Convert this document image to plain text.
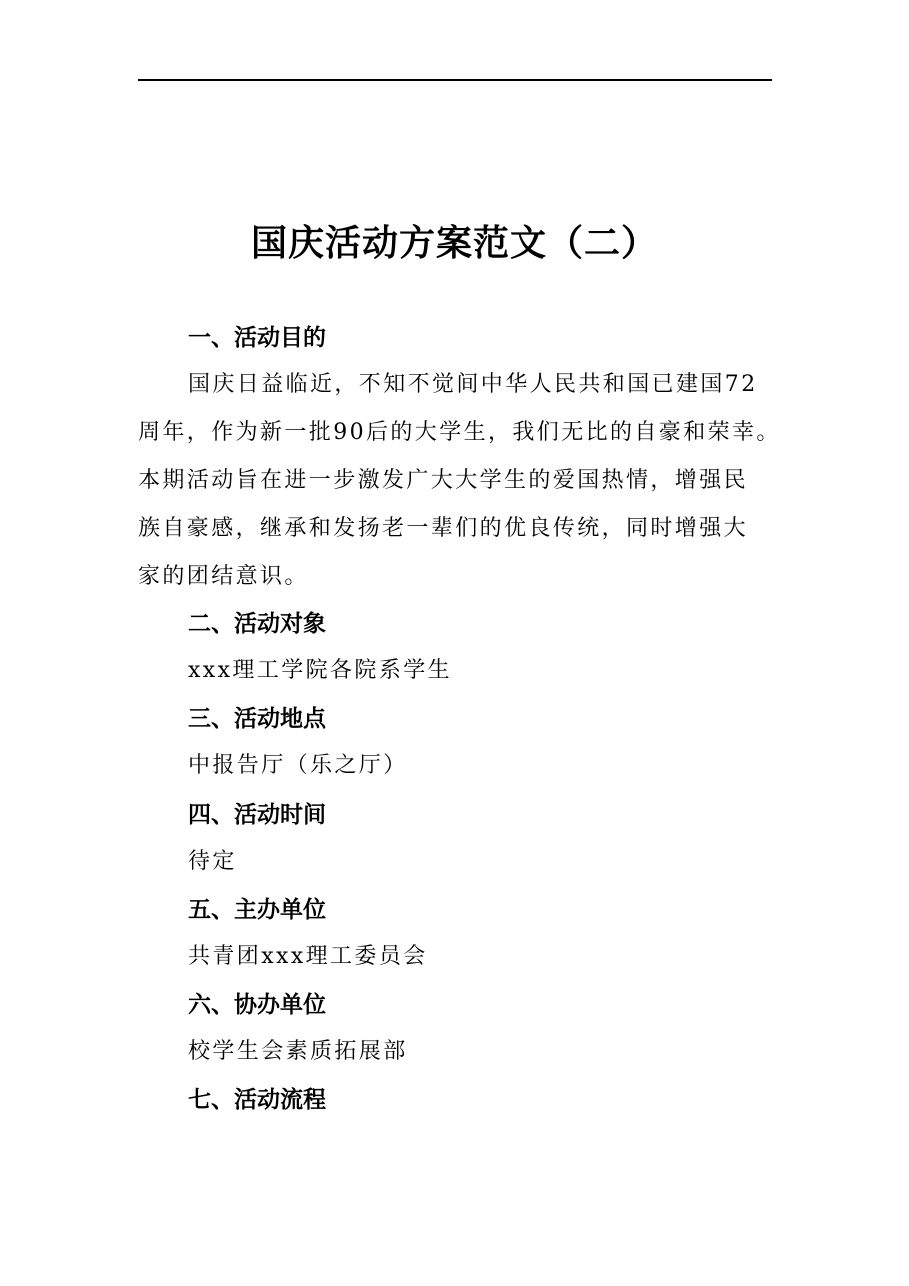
国庆活动方案范文（二）
一、活动目的
国庆日益临近，不知不觉间中华人民共和国已建国72
周年，作为新一批90后的大学生，我们无比的自豪和荣幸。
本期活动旨在进一步激发广大大学生的爱国热情，增强民
族自豪感，继承和发扬老一辈们的优良传统，同时增强大
家的团结意识。
二、活动对象
xxx理工学院各院系学生
三、活动地点
中报告厅（乐之厅）
四、活动时间
待定
五、主办单位
共青团xxx理工委员会
六、协办单位
校学生会素质拓展部
七、活动流程
